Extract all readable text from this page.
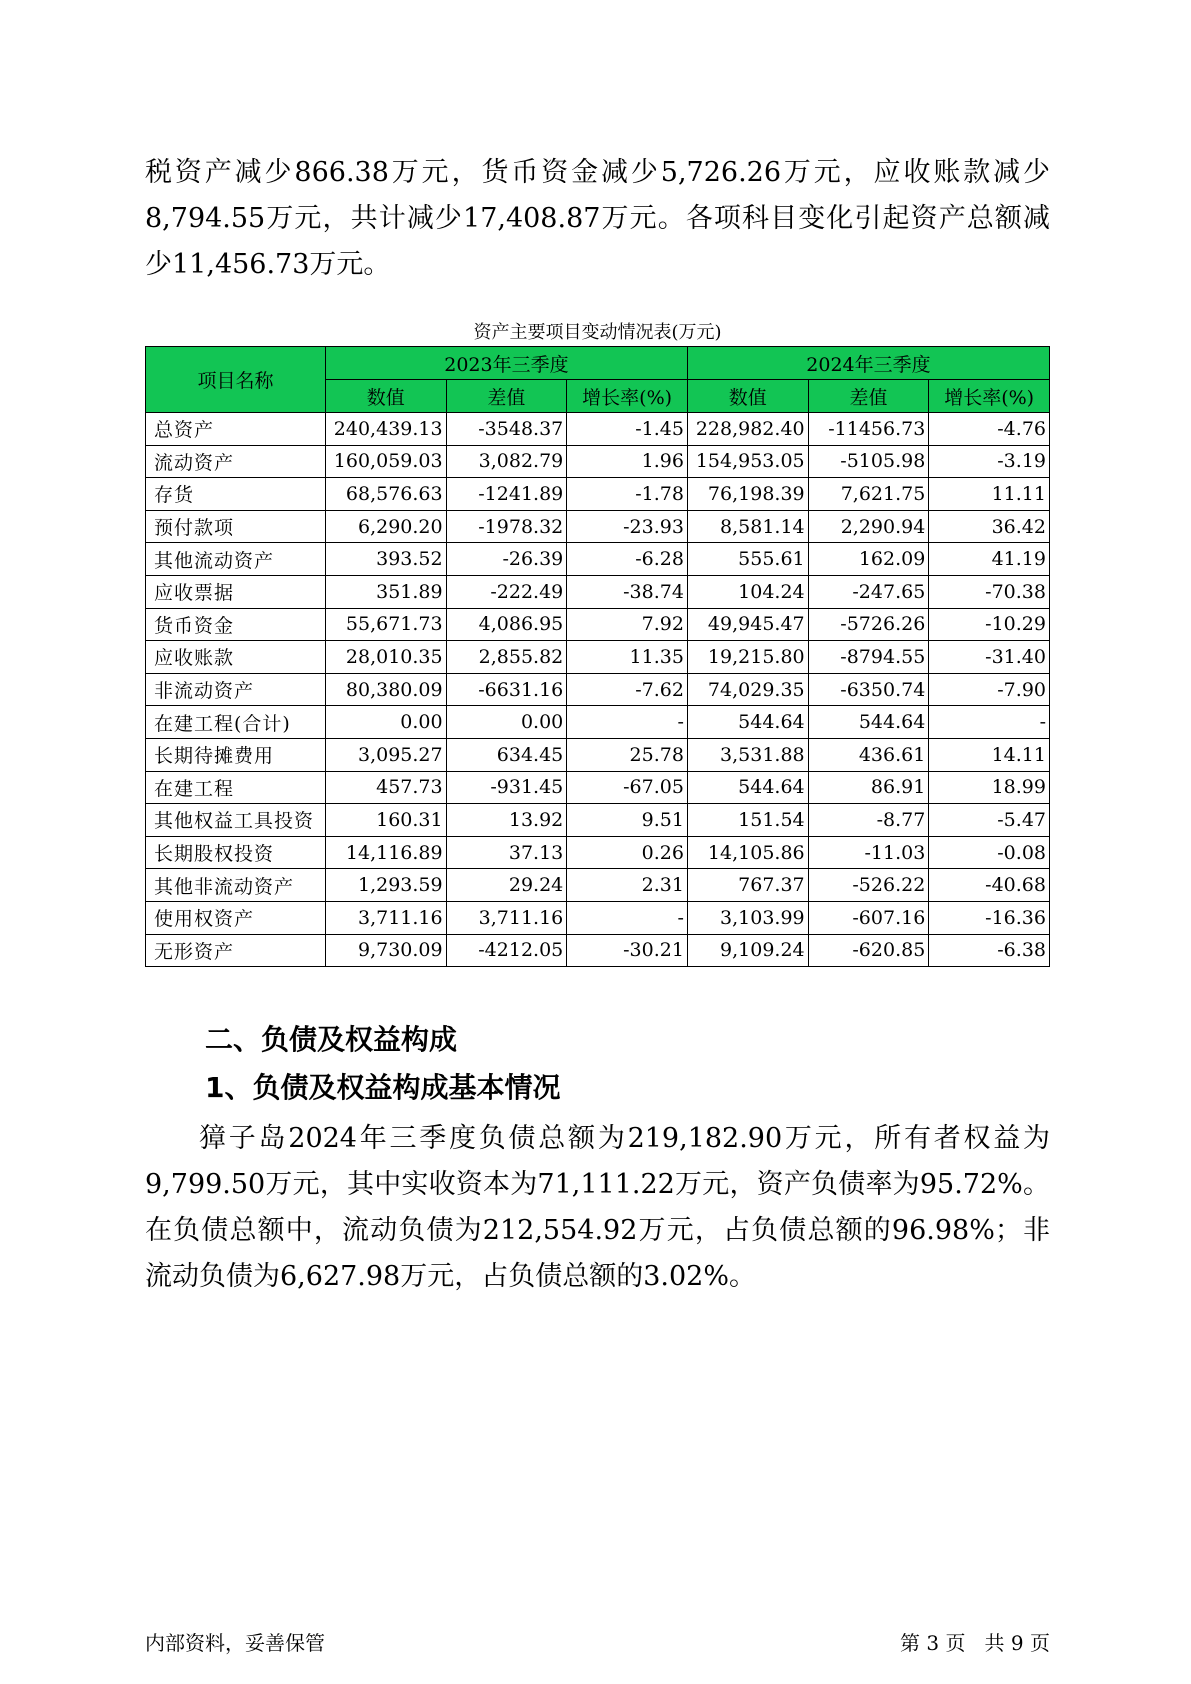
税资产减少866.38万元，货币资金减少5,726.26万元，应收账款减少8,794.55万元，共计减少17,408.87万元。各项科目变化引起资产总额减少11,456.73万元。

资产主要项目变动情况表(万元)
项目名称	2023年三季度			2024年三季度		
	数值	差值	增长率(%)	数值	差值	增长率(%)
总资产	240,439.13	-3548.37	-1.45	228,982.40	-11456.73	-4.76
流动资产	160,059.03	3,082.79	1.96	154,953.05	-5105.98	-3.19
存货	68,576.63	-1241.89	-1.78	76,198.39	7,621.75	11.11
预付款项	6,290.20	-1978.32	-23.93	8,581.14	2,290.94	36.42
其他流动资产	393.52	-26.39	-6.28	555.61	162.09	41.19
应收票据	351.89	-222.49	-38.74	104.24	-247.65	-70.38
货币资金	55,671.73	4,086.95	7.92	49,945.47	-5726.26	-10.29
应收账款	28,010.35	2,855.82	11.35	19,215.80	-8794.55	-31.40
非流动资产	80,380.09	-6631.16	-7.62	74,029.35	-6350.74	-7.90
在建工程(合计)	0.00	0.00	-	544.64	544.64	-
长期待摊费用	3,095.27	634.45	25.78	3,531.88	436.61	14.11
在建工程	457.73	-931.45	-67.05	544.64	86.91	18.99
其他权益工具投资	160.31	13.92	9.51	151.54	-8.77	-5.47
长期股权投资	14,116.89	37.13	0.26	14,105.86	-11.03	-0.08
其他非流动资产	1,293.59	29.24	2.31	767.37	-526.22	-40.68
使用权资产	3,711.16	3,711.16	-	3,103.99	-607.16	-16.36
无形资产	9,730.09	-4212.05	-30.21	9,109.24	-620.85	-6.38
二、负债及权益构成
1、负债及权益构成基本情况

獐子岛2024年三季度负债总额为219,182.90万元，所有者权益为9,799.50万元，其中实收资本为71,111.22万元，资产负债率为95.72%。在负债总额中，流动负债为212,554.92万元，占负债总额的96.98%；非流动负债为6,627.98万元，占负债总额的3.02%。

内部资料，妥善保管	第 3 页   共 9 页
